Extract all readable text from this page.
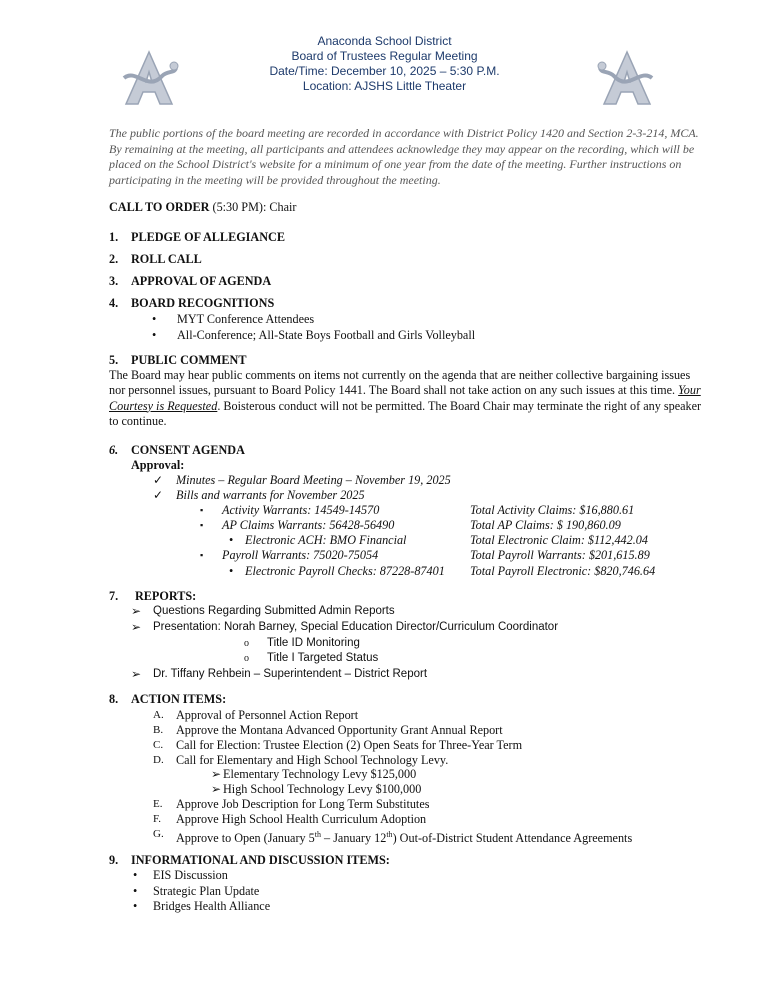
Anaconda School District
Board of Trustees Regular Meeting
Date/Time: December 10, 2025 – 5:30 P.M.
Location: AJSHS Little Theater
The public portions of the board meeting are recorded in accordance with District Policy 1420 and Section 2-3-214, MCA. By remaining at the meeting, all participants and attendees acknowledge they may appear on the recording, which will be placed on the School District's website for a minimum of one year from the date of the meeting. Further instructions on participating in the meeting will be provided throughout the meeting.
CALL TO ORDER (5:30 PM): Chair
1. PLEDGE OF ALLEGIANCE
2. ROLL CALL
3. APPROVAL OF AGENDA
4. BOARD RECOGNITIONS
• MYT Conference Attendees
• All-Conference; All-State Boys Football and Girls Volleyball
5. PUBLIC COMMENT
The Board may hear public comments on items not currently on the agenda that are neither collective bargaining issues nor personnel issues, pursuant to Board Policy 1441. The Board shall not take action on any such issues at this time. Your Courtesy is Requested. Boisterous conduct will not be permitted. The Board Chair may terminate the right of any speaker to continue.
6. CONSENT AGENDA
Approval:
✓ Minutes – Regular Board Meeting – November 19, 2025
✓ Bills and warrants for November 2025
▪ Activity Warrants: 14549-14570	Total Activity Claims: $16,880.61
▪ AP Claims Warrants: 56428-56490	Total AP Claims: $ 190,860.09
• Electronic ACH: BMO Financial	Total Electronic Claim: $112,442.04
▪ Payroll Warrants: 75020-75054	Total Payroll Warrants: $201,615.89
• Electronic Payroll Checks: 87228-87401 Total Payroll Electronic: $820,746.64
7. REPORTS:
➢ Questions Regarding Submitted Admin Reports
➢ Presentation: Norah Barney, Special Education Director/Curriculum Coordinator
o Title ID Monitoring
o Title I Targeted Status
➢ Dr. Tiffany Rehbein – Superintendent – District Report
8. ACTION ITEMS:
A. Approval of Personnel Action Report
B. Approve the Montana Advanced Opportunity Grant Annual Report
C. Call for Election: Trustee Election (2) Open Seats for Three-Year Term
D. Call for Elementary and High School Technology Levy.
➢ Elementary Technology Levy $125,000
➢ High School Technology Levy $100,000
E. Approve Job Description for Long Term Substitutes
F. Approve High School Health Curriculum Adoption
G. Approve to Open (January 5th – January 12th) Out-of-District Student Attendance Agreements
9. INFORMATIONAL AND DISCUSSION ITEMS:
• EIS Discussion
• Strategic Plan Update
• Bridges Health Alliance
